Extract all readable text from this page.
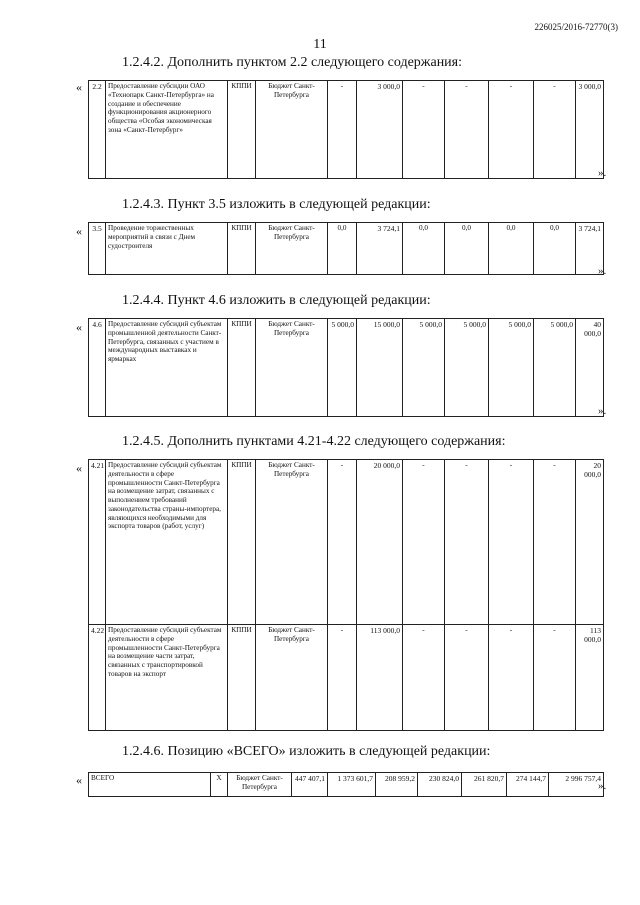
226025/2016-72770(3)
11
1.2.4.2. Дополнить пунктом 2.2 следующего содержания:
« 2.2	Предоставление субсидии ОАО «Технопарк Санкт-Петербурга» на создание и обеспечение функционирования акционерного общества «Особая экономическая зона «Санкт-Петербург»	КППИ	Бюджет Санкт-Петербурга	-	3 000,0	-	-	-	-	3 000,0
».
1.2.4.3. Пункт 3.5 изложить в следующей редакции:
« 3.5	Проведение торжественных мероприятий в связи с Днем судостроителя	КППИ	Бюджет Санкт-Петербурга	0,0	3 724,1	0,0	0,0	0,0	0,0	3 724,1
».
1.2.4.4. Пункт 4.6 изложить в следующей редакции:
« 4.6	Предоставление субсидий субъектам промышленной деятельности Санкт-Петербурга, связанных с участием в международных выставках и ярмарках	КППИ	Бюджет Санкт-Петербурга	5 000,0	15 000,0	5 000,0	5 000,0	5 000,0	5 000,0	40 000,0
».
1.2.4.5. Дополнить пунктами 4.21-4.22 следующего содержания:
« 4.21	Предоставление субсидий субъектам деятельности в сфере промышленности Санкт-Петербурга на возмещение затрат, связанных с выполнением требований законодательства страны-импортера, являющихся необходимыми для экспорта товаров (работ, услуг)	КППИ	Бюджет Санкт-Петербурга	-	20 000,0	-	-	-	-	20 000,0
4.22	Предоставление субсидий субъектам деятельности в сфере промышленности Санкт-Петербурга на возмещение части затрат, связанных с транспортировкой товаров на экспорт	КППИ	Бюджет Санкт-Петербурга	-	113 000,0	-	-	-	-	113 000,0
1.2.4.6. Позицию «ВСЕГО» изложить в следующей редакции:
« ВСЕГО	X	Бюджет Санкт-Петербурга	447 407,1	1 373 601,7	208 959,2	230 824,0	261 820,7	274 144,7	2 996 757,4
».
